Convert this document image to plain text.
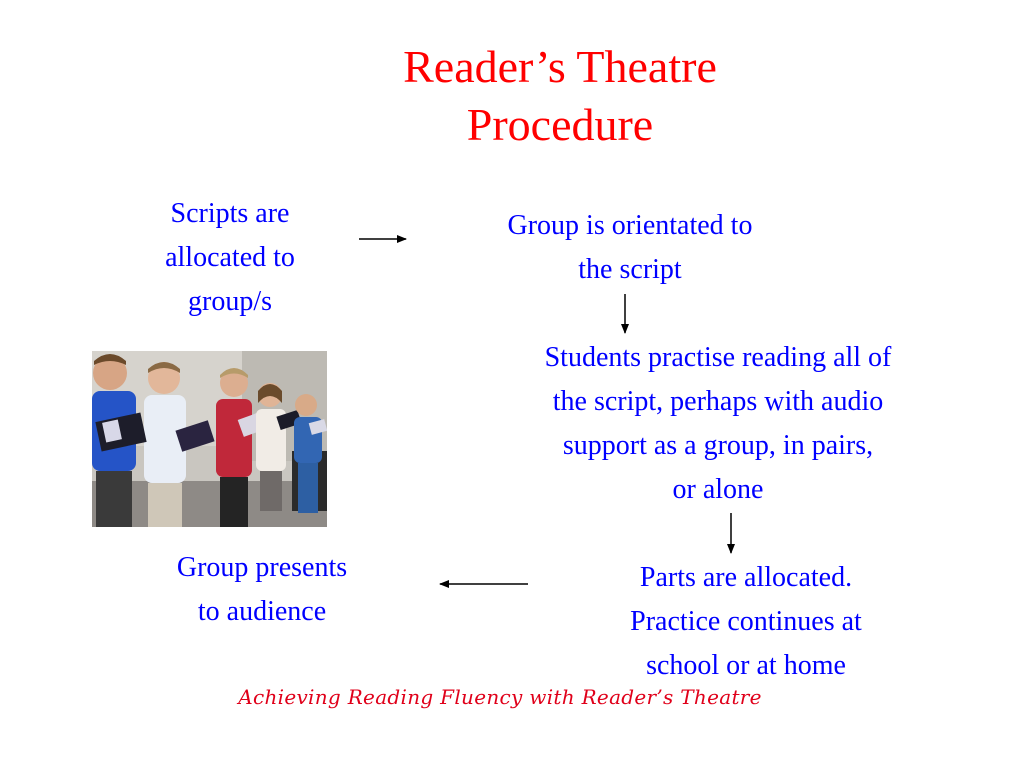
Reader’s Theatre
Procedure
Scripts are
allocated to
group/s
Group is orientated to
the script
Students practise reading all of
the script, perhaps with audio
support as a group, in pairs,
or alone
Parts are allocated.
Practice continues at
school or at home
Group presents
to audience
Achieving Reading Fluency with Reader’s Theatre
